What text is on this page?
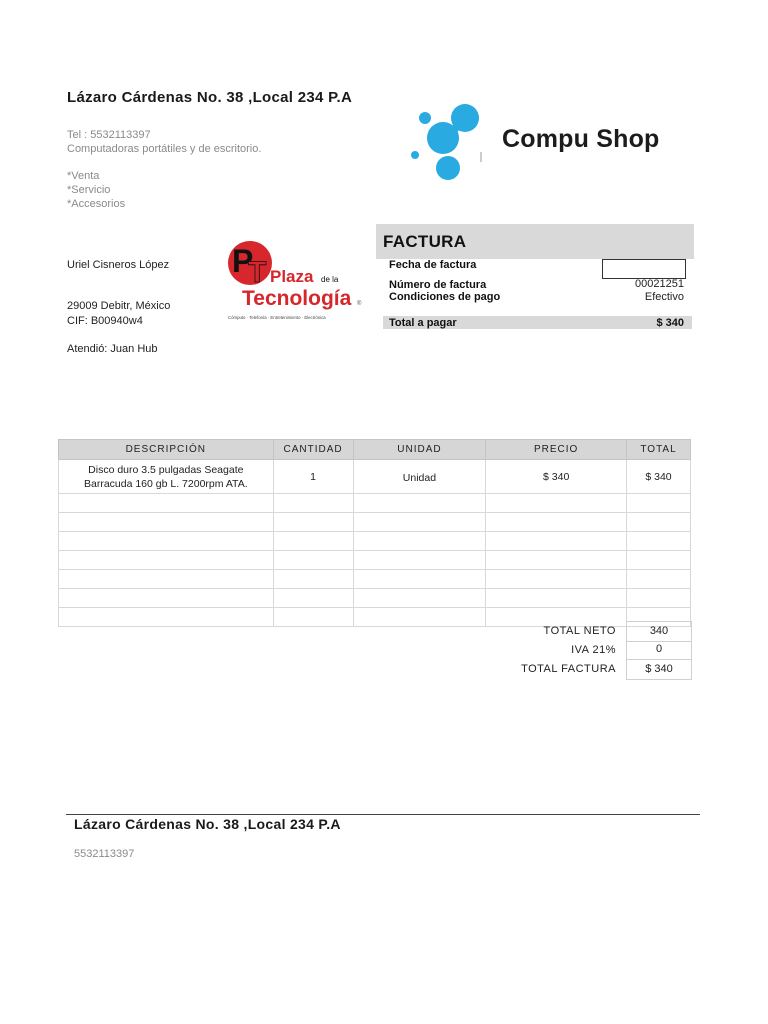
Lázaro Cárdenas No. 38 ,Local 234 P.A
Tel : 5532113397
Computadoras portátiles y de escritorio.
*Venta
*Servicio
*Accesorios
Compu Shop
Uriel Cisneros López
29009 Debitr, México
CIF: B00940w4
Atendió: Juan Hub
P
T Plaza de la
Tecnología ®
Cómputo · Telefonía · Entretenimiento · Electrónica
FACTURA
Fecha de factura
Número de factura	00021251
Condiciones de pago	Efectivo
Total a pagar	$ 340
DESCRIPCIÓN	CANTIDAD	UNIDAD	PRECIO	TOTAL

Disco duro 3.5 pulgadas Seagate
Barracuda 160 gb L. 7200rpm ATA.	1	Unidad	$ 340	$ 340

TOTAL NETO	340
IVA 21%	0
TOTAL FACTURA	$ 340
Lázaro Cárdenas No. 38 ,Local 234 P.A
5532113397
